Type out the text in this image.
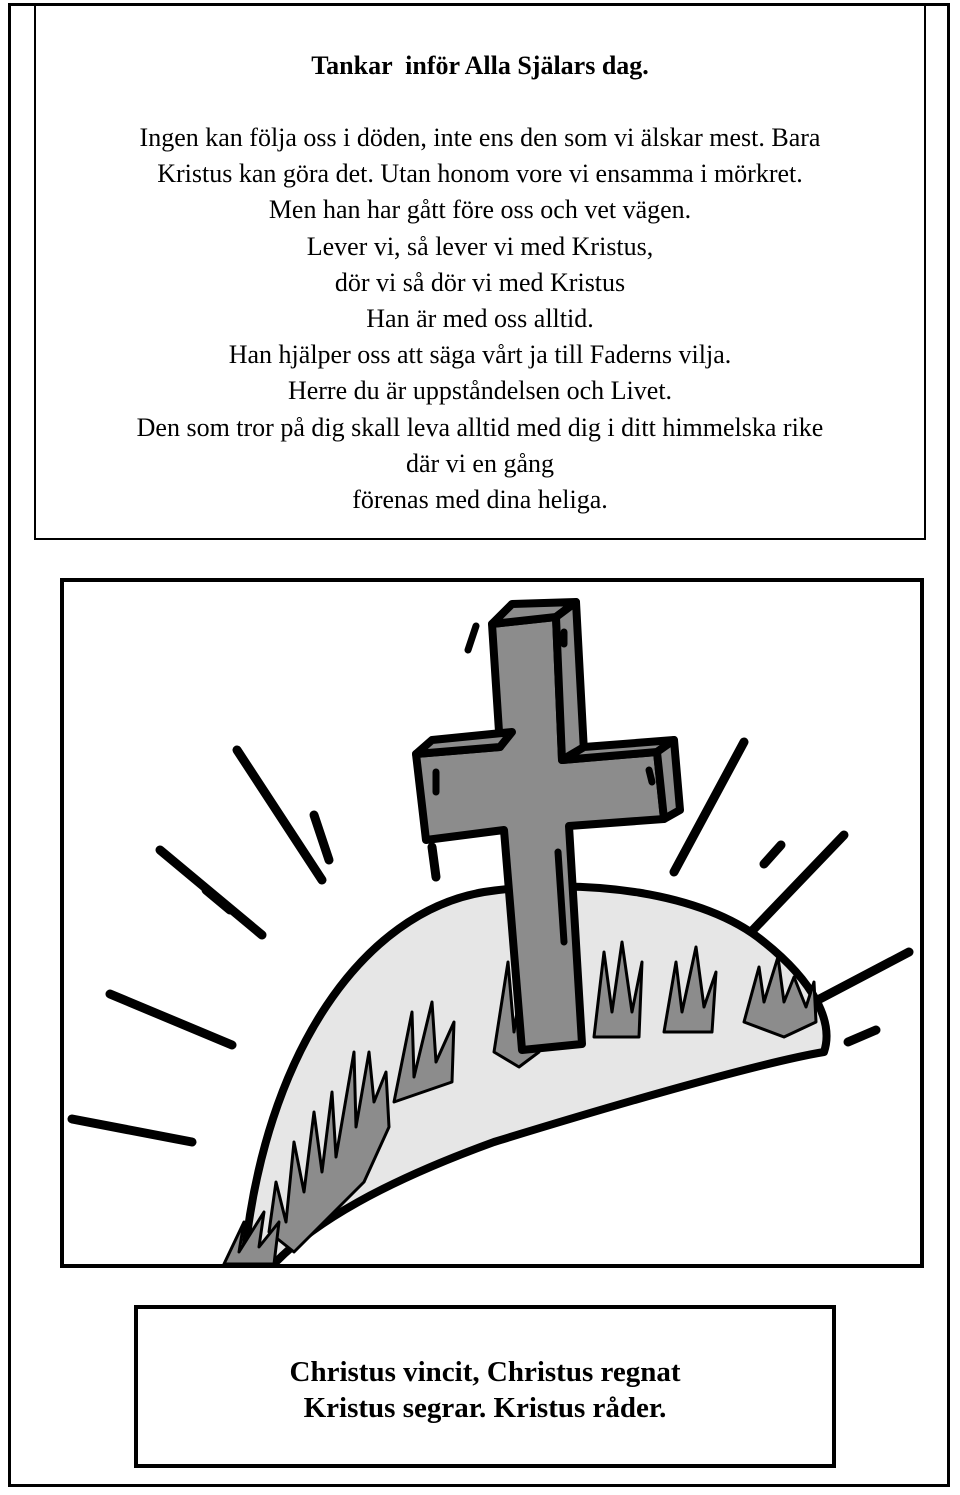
Tankar  inför Alla Själars dag.
Ingen kan följa oss i döden, inte ens den som vi älskar mest. Bara
Kristus kan göra det. Utan honom vore vi ensamma i mörkret.
Men han har gått före oss och vet vägen.
Lever vi, så lever vi med Kristus,
dör vi så dör vi med Kristus
Han är med oss alltid.
Han hjälper oss att säga vårt ja till Faderns vilja.
Herre du är uppståndelsen och Livet.
Den som tror på dig skall leva alltid med dig i ditt himmelska rike
där vi en gång
förenas med dina heliga.
Christus vincit, Christus regnat
Kristus segrar. Kristus råder.
